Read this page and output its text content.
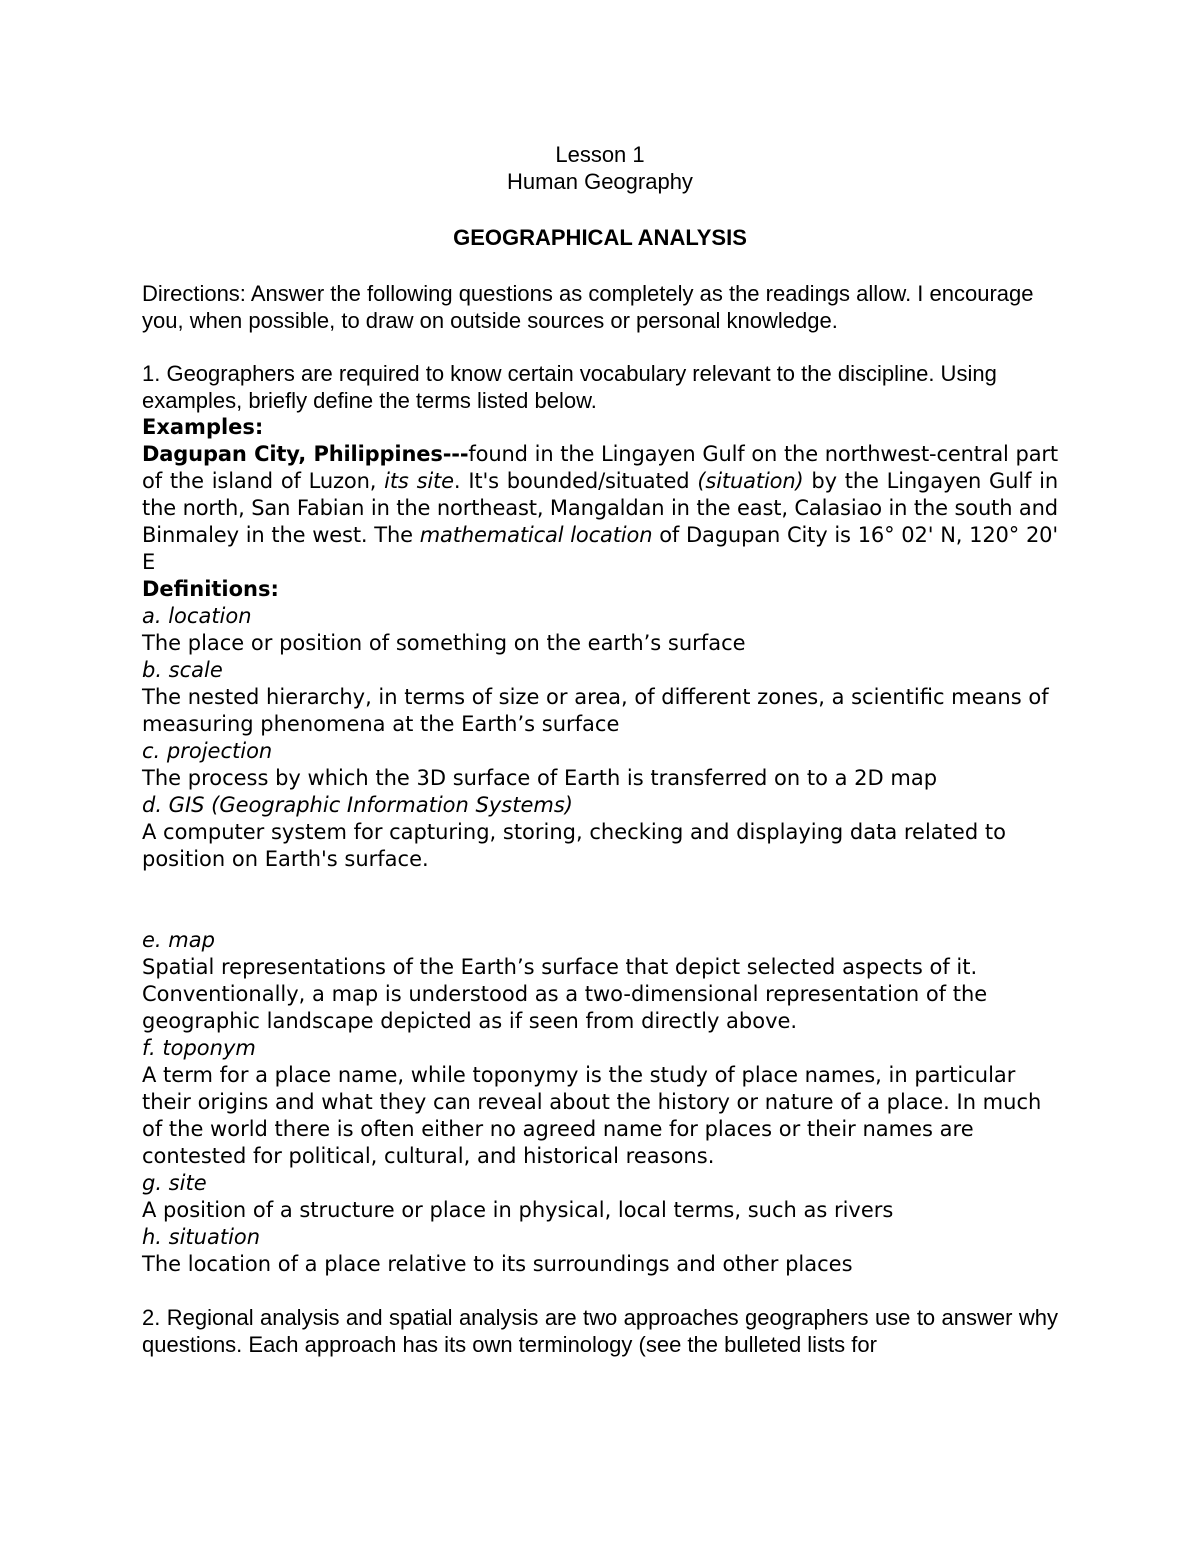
Lesson 1

Human Geography

GEOGRAPHICAL ANALYSIS

Directions: Answer the following questions as completely as the readings allow. I encourage you, when possible, to draw on outside sources or personal knowledge.

1. Geographers are required to know certain vocabulary relevant to the discipline. Using examples, briefly define the terms listed below.

Examples:

Dagupan City, Philippines---found in the Lingayen Gulf on the northwest-central part of the island of Luzon, its site. It's bounded/situated (situation) by the Lingayen Gulf in the north, San Fabian in the northeast, Mangaldan in the east, Calasiao in the south and Binmaley in the west. The mathematical location of Dagupan City is 16° 02' N, 120° 20' E

Definitions:

a. location

The place or position of something on the earth’s surface

b. scale

The nested hierarchy, in terms of size or area, of different zones, a scientific means of measuring phenomena at the Earth’s surface

c. projection

The process by which the 3D surface of Earth is transferred on to a 2D map

d. GIS (Geographic Information Systems)

A computer system for capturing, storing, checking and displaying data related to position on Earth's surface.

e. map

Spatial representations of the Earth’s surface that depict selected aspects of it. Conventionally, a map is understood as a two-dimensional representation of the geographic landscape depicted as if seen from directly above.

f. toponym

A term for a place name, while toponymy is the study of place names, in particular their origins and what they can reveal about the history or nature of a place. In much of the world there is often either no agreed name for places or their names are contested for political, cultural, and historical reasons.

g. site

A position of a structure or place in physical, local terms, such as rivers

h. situation

The location of a place relative to its surroundings and other places

2. Regional analysis and spatial analysis are two approaches geographers use to answer why questions. Each approach has its own terminology (see the bulleted lists for
